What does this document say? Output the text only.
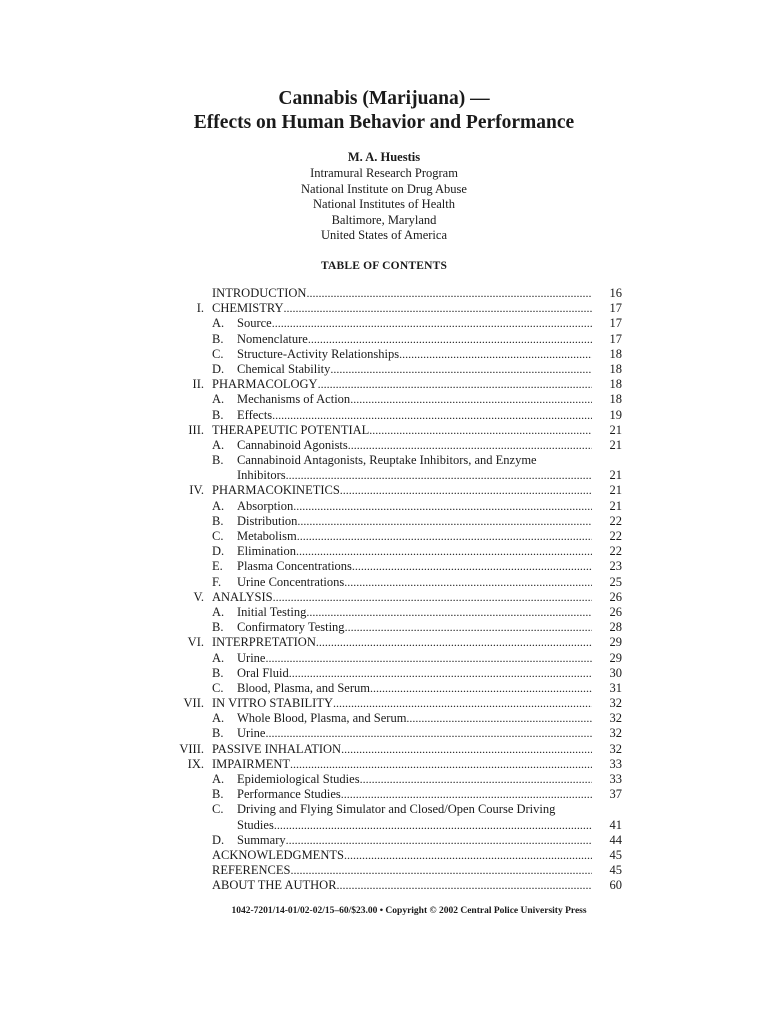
Cannabis (Marijuana) —
Effects on Human Behavior and Performance
M. A. Huestis
Intramural Research Program
National Institute on Drug Abuse
National Institutes of Health
Baltimore, Maryland
United States of America
TABLE OF CONTENTS
INTRODUCTION . . .	16
I. CHEMISTRY . . .	17
A. Source . . .	17
B. Nomenclature . . .	17
C. Structure-Activity Relationships . . .	18
D. Chemical Stability . . .	18
II. PHARMACOLOGY . . .	18
A. Mechanisms of Action . . .	18
B. Effects . . .	19
III. THERAPEUTIC POTENTIAL . . .	21
A. Cannabinoid Agonists . . .	21
B. Cannabinoid Antagonists, Reuptake Inhibitors, and Enzyme
Inhibitors . . .	21
IV. PHARMACOKINETICS . . .	21
A. Absorption . . .	21
B. Distribution . . .	22
C. Metabolism . . .	22
D. Elimination . . .	22
E. Plasma Concentrations . . .	23
F. Urine Concentrations . . .	25
V. ANALYSIS . . .	26
A. Initial Testing . . .	26
B. Confirmatory Testing . . .	28
VI. INTERPRETATION . . .	29
A. Urine . . .	29
B. Oral Fluid . . .	30
C. Blood, Plasma, and Serum . . .	31
VII. IN VITRO STABILITY . . .	32
A. Whole Blood, Plasma, and Serum . . .	32
B. Urine . . .	32
VIII. PASSIVE INHALATION . . .	32
IX. IMPAIRMENT . . .	33
A. Epidemiological Studies . . .	33
B. Performance Studies . . .	37
C. Driving and Flying Simulator and Closed/Open Course Driving
Studies . . .	41
D. Summary . . .	44
ACKNOWLEDGMENTS . . .	45
REFERENCES . . .	45
ABOUT THE AUTHOR . . .	60
1042-7201/14-01/02-02/15–60/$23.00 • Copyright © 2002 Central Police University Press
